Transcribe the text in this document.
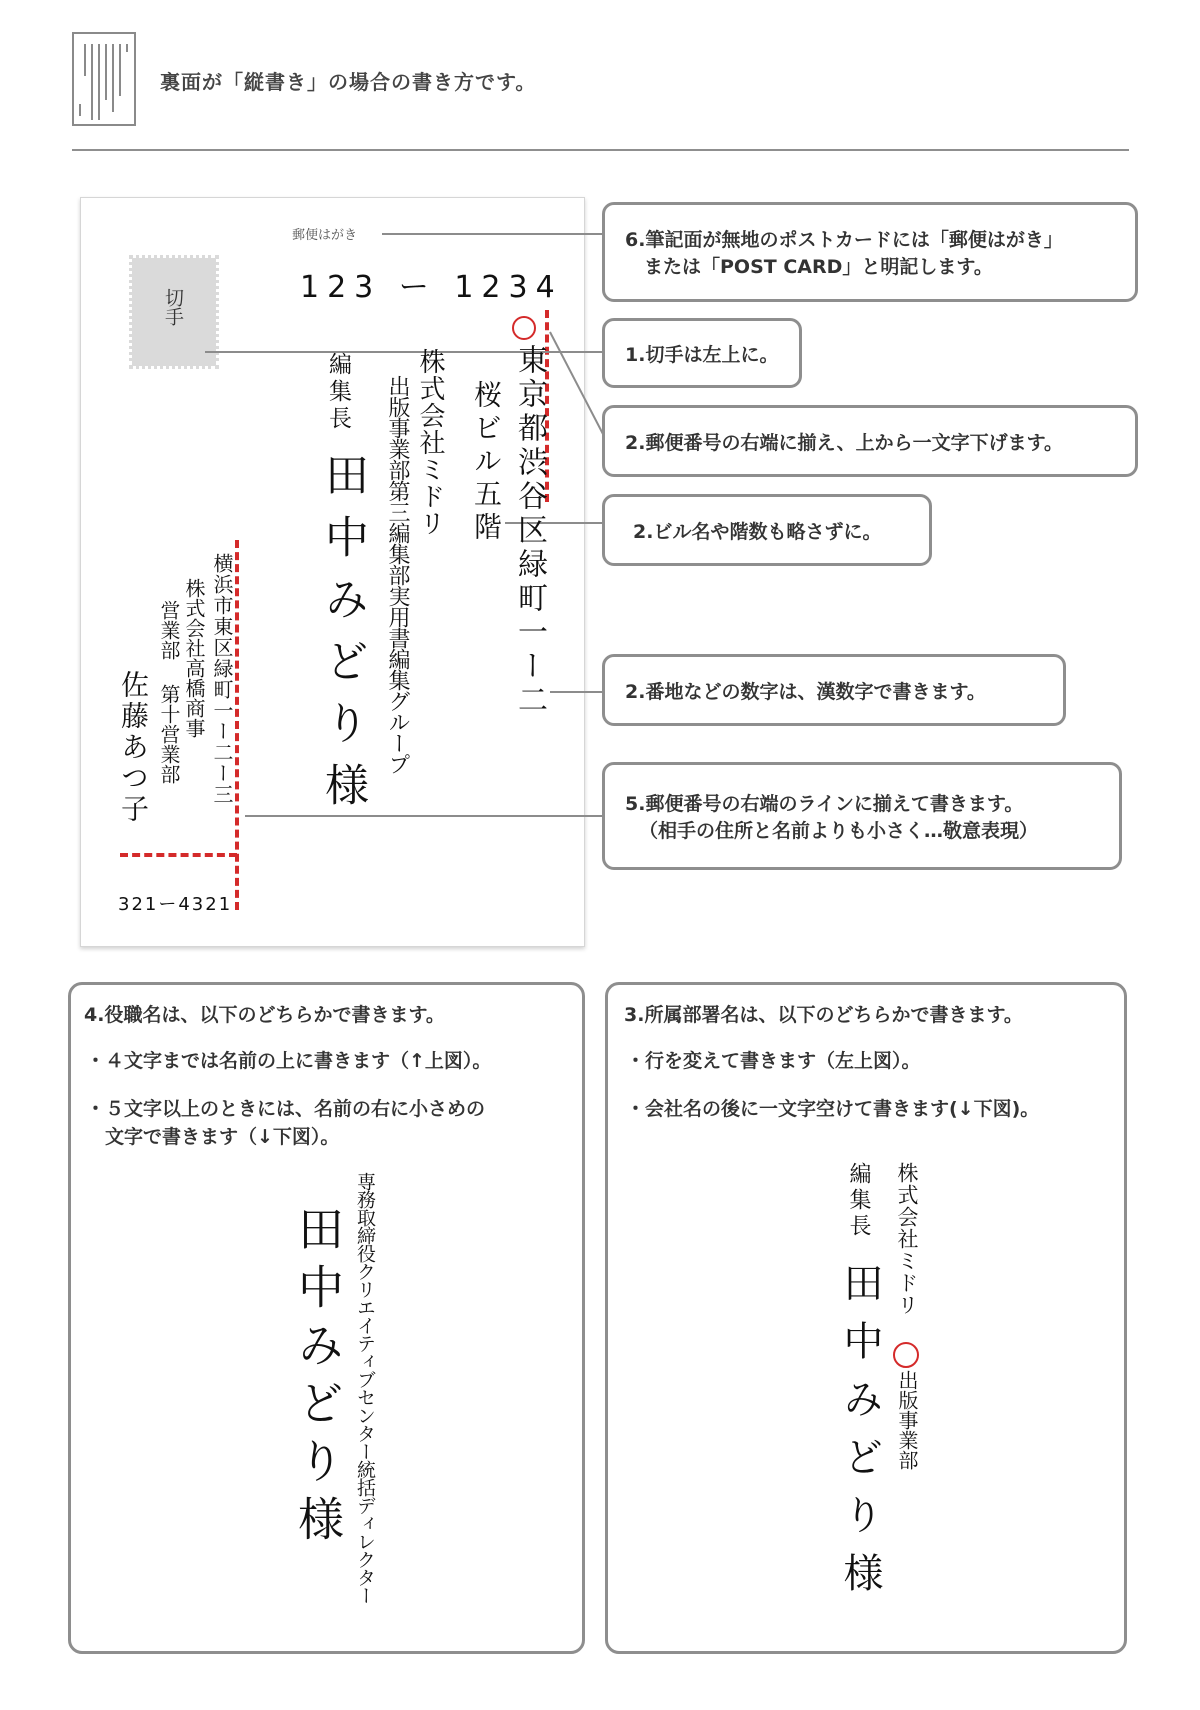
裏面が「縦書き」の場合の書き方です。
郵便はがき
切手
123 ー 1234
東京都渋谷区緑町一ー二
桜ビル五階
株式会社ミドリ
出版事業部第三編集部実用書編集グループ
編集長
田中みどり様
横浜市東区緑町一ー二ー三
株式会社高橋商事
営業部 第十営業部
佐藤あつ子
321ー4321
6.筆記面が無地のポストカードには「郵便はがき」
　または「POST CARD」と明記します。
1.切手は左上に。
2.郵便番号の右端に揃え、上から一文字下げます。
2.ビル名や階数も略さずに。
2.番地などの数字は、漢数字で書きます。
5.郵便番号の右端のラインに揃えて書きます。
（相手の住所と名前よりも小さく…敬意表現）
4.役職名は、以下のどちらかで書きます。
・４文字までは名前の上に書きます（↑上図）。
・５文字以上のときには、名前の右に小さめの
　文字で書きます（↓下図）。
専務取締役クリエイティブセンター統括ディレクター
田中みどり様
3.所属部署名は、以下のどちらかで書きます。
・行を変えて書きます（左上図）。
・会社名の後に一文字空けて書きます(↓下図)。
株式会社ミドリ
出版事業部
編集長
田中みどり様
